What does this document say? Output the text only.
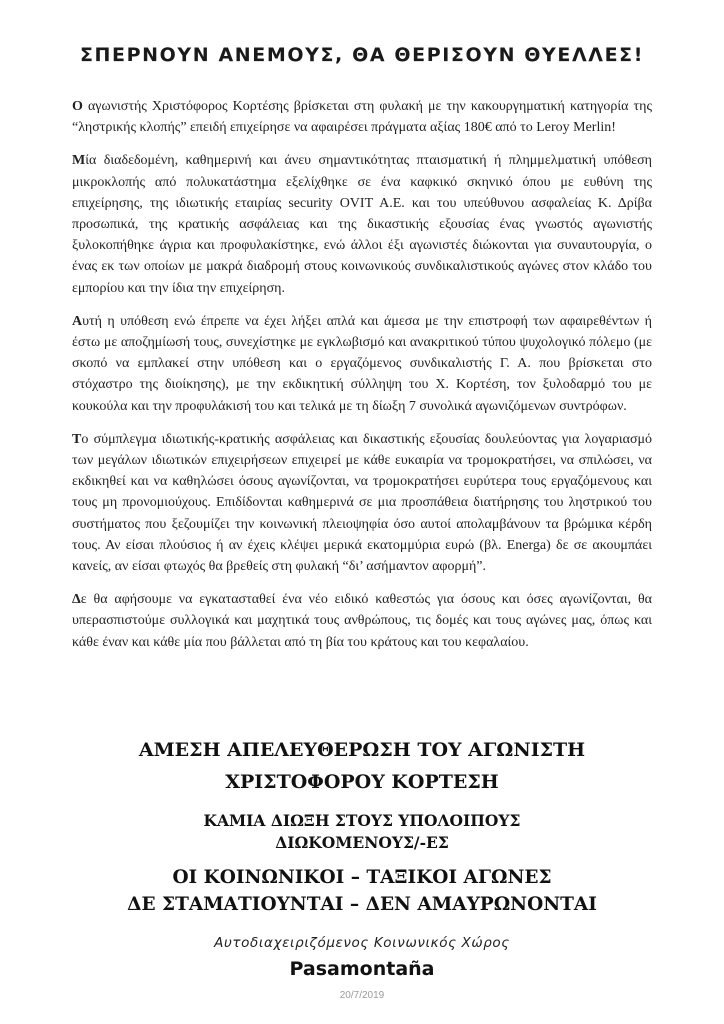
ΣΠΕΡΝΟΥΝ ΑΝΕΜΟΥΣ, ΘΑ ΘΕΡΙΣΟΥΝ ΘΥΕΛΛΕΣ!

Ο αγωνιστής Χριστόφορος Κορτέσης βρίσκεται στη φυλακή με την κακουργηματική κατηγορία της “ληστρικής κλοπής” επειδή επιχείρησε να αφαιρέσει πράγματα αξίας 180€ από το Leroy Merlin!

Μία διαδεδομένη, καθημερινή και άνευ σημαντικότητας πταισματική ή πλημμελματική υπόθεση μικροκλοπής από πολυκατάστημα εξελίχθηκε σε ένα καφκικό σκηνικό όπου με ευθύνη της επιχείρησης, της ιδιωτικής εταιρίας security OVIT A.E. και του υπεύθυνου ασφαλείας Κ. Δρίβα προσωπικά, της κρατικής ασφάλειας και της δικαστικής εξουσίας ένας γνωστός αγωνιστής ξυλοκοπήθηκε άγρια και προφυλακίστηκε, ενώ άλλοι έξι αγωνιστές διώκονται για συναυτουργία, ο ένας εκ των οποίων με μακρά διαδρομή στους κοινωνικούς συνδικαλιστικούς αγώνες στον κλάδο του εμπορίου και την ίδια την επιχείρηση.

Αυτή η υπόθεση ενώ έπρεπε να έχει λήξει απλά και άμεσα με την επιστροφή των αφαιρεθέντων ή έστω με αποζημίωσή τους, συνεχίστηκε με εγκλωβισμό και ανακριτικού τύπου ψυχολογικό πόλεμο (με σκοπό να εμπλακεί στην υπόθεση και ο εργαζόμενος συνδικαλιστής Γ. Α. που βρίσκεται στο στόχαστρο της διοίκησης), με την εκδικητική σύλληψη του Χ. Κορτέση, τον ξυλοδαρμό του με κουκούλα και την προφυλάκισή του και τελικά με τη δίωξη 7 συνολικά αγωνιζόμενων συντρόφων.

Το σύμπλεγμα ιδιωτικής-κρατικής ασφάλειας και δικαστικής εξουσίας δουλεύοντας για λογαριασμό των μεγάλων ιδιωτικών επιχειρήσεων επιχειρεί με κάθε ευκαιρία να τρομοκρατήσει, να σπιλώσει, να εκδικηθεί και να καθηλώσει όσους αγωνίζονται, να τρομοκρατήσει ευρύτερα τους εργαζόμενους και τους μη προνομιούχους. Επιδίδονται καθημερινά σε μια προσπάθεια διατήρησης του ληστρικού του συστήματος που ξεζουμίζει την κοινωνική πλειοψηφία όσο αυτοί απολαμβάνουν τα βρώμικα κέρδη τους. Αν είσαι πλούσιος ή αν έχεις κλέψει μερικά εκατομμύρια ευρώ (βλ. Energa) δε σε ακουμπάει κανείς, αν είσαι φτωχός θα βρεθείς στη φυλακή “δι’ ασήμαντον αφορμή”.

Δε θα αφήσουμε να εγκατασταθεί ένα νέο ειδικό καθεστώς για όσους και όσες αγωνίζονται, θα υπερασπιστούμε συλλογικά και μαχητικά τους ανθρώπους, τις δομές και τους αγώνες μας, όπως και κάθε έναν και κάθε μία που βάλλεται από τη βία του κράτους και του κεφαλαίου.

ΑΜΕΣΗ ΑΠΕΛΕΥΘΕΡΩΣΗ ΤΟΥ ΑΓΩΝΙΣΤΗ
ΧΡΙΣΤΟΦΟΡΟΥ ΚΟΡΤΕΣΗ
ΚΑΜΙΑ ΔΙΩΞΗ ΣΤΟΥΣ ΥΠΟΛΟΙΠΟΥΣ
ΔΙΩΚΟΜΕΝΟΥΣ/-ΕΣ
ΟΙ ΚΟΙΝΩΝΙΚΟΙ – ΤΑΞΙΚΟΙ ΑΓΩΝΕΣ
ΔΕ ΣΤΑΜΑΤΙΟΥΝΤΑΙ – ΔΕΝ ΑΜΑΥΡΩΝΟΝΤΑΙ
Αυτοδιαχειριζόμενος Κοινωνικός Χώρος
Pasamontaña
20/7/2019
